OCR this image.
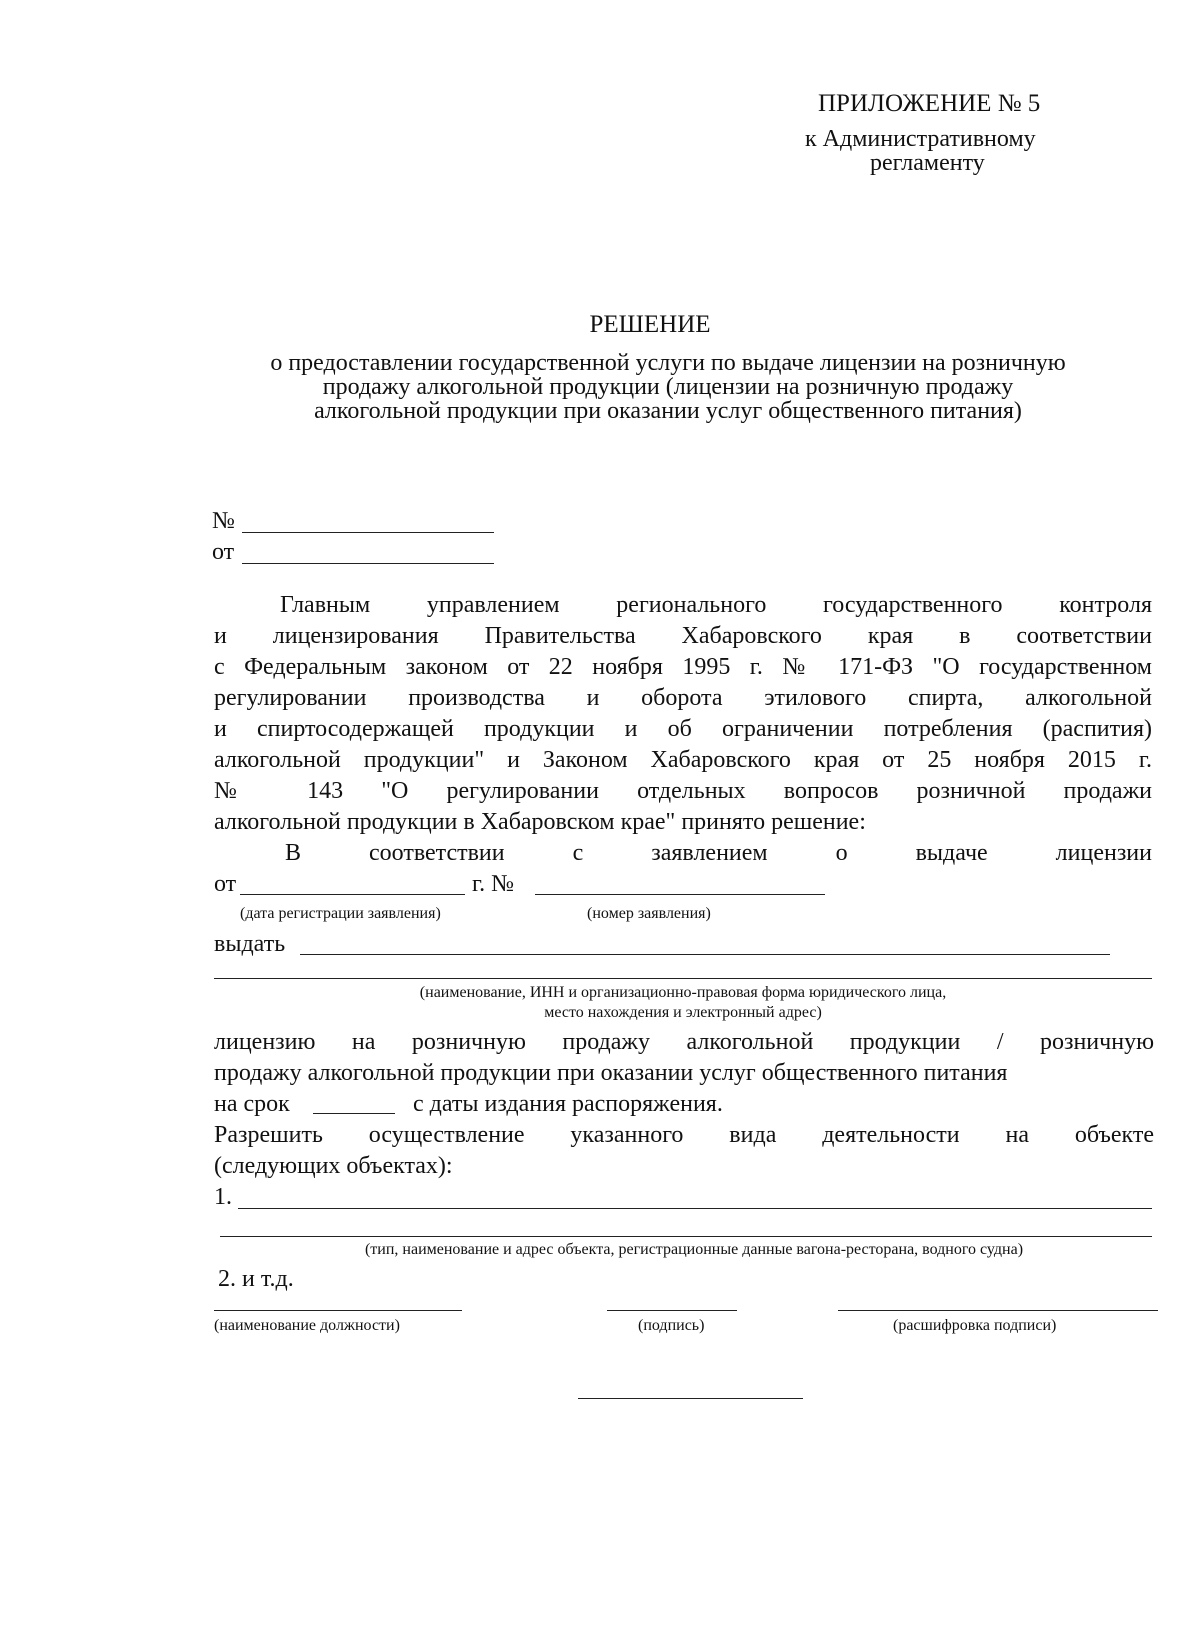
ПРИЛОЖЕНИЕ № 5
к Административному
регламенту
РЕШЕНИЕ
о предоставлении государственной услуги по выдаче лицензии на розничную
продажу алкогольной продукции (лицензии на розничную продажу
алкогольной продукции при оказании услуг общественного питания)
№
от
Главным управлением регионального государственного контроля
и лицензирования Правительства Хабаровского края в соответствии
с Федеральным законом от 22 ноября 1995 г. № 171-ФЗ "О государственном
регулировании производства и оборота этилового спирта, алкогольной
и спиртосодержащей продукции и об ограничении потребления (распития)
алкогольной продукции" и Законом Хабаровского края от 25 ноября 2015 г.
№ 143 "О регулировании отдельных вопросов розничной продажи
алкогольной продукции в Хабаровском крае" принято решение:
В соответствии с заявлением о выдаче лицензии
от	г. №
(дата регистрации заявления)	(номер заявления)
выдать
(наименование, ИНН и организационно-правовая форма юридического лица,
место нахождения и электронный адрес)
лицензию на розничную продажу алкогольной продукции / розничную
продажу алкогольной продукции при оказании услуг общественного питания
на срок	с даты издания распоряжения.
Разрешить осуществление указанного вида деятельности на объекте
(следующих объектах):
1.
(тип, наименование и адрес объекта, регистрационные данные вагона-ресторана, водного судна)
2. и т.д.
(наименование должности)	(подпись)	(расшифровка подписи)
